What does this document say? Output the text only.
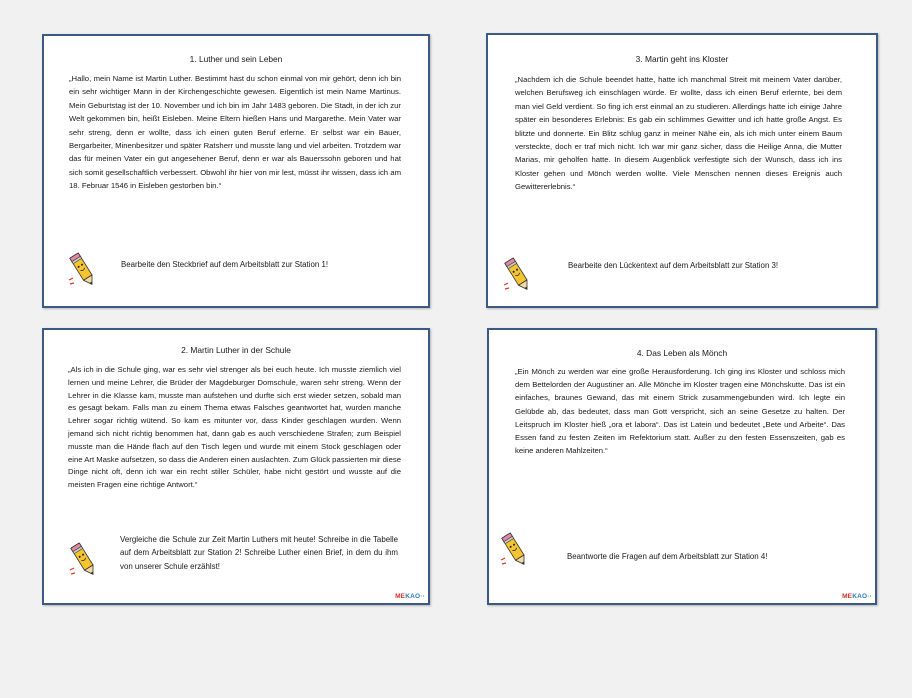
1. Luther und sein Leben
„Hallo, mein Name ist Martin Luther. Bestimmt hast du schon einmal von mir gehört, denn ich bin ein sehr wichtiger Mann in der Kirchengeschichte gewesen. Eigentlich ist mein Name Martinus. Mein Geburtstag ist der 10. November und ich bin im Jahr 1483 geboren. Die Stadt, in der ich zur Welt gekommen bin, heißt Eisleben. Meine Eltern hießen Hans und Margarethe. Mein Vater war sehr streng, denn er wollte, dass ich einen guten Beruf erlerne. Er selbst war ein Bauer, Bergarbeiter, Minenbesitzer und später Ratsherr und musste lang und viel arbeiten. Trotzdem war das für meinen Vater ein gut angesehener Beruf, denn er war als Bauerssohn geboren und hat sich somit gesellschaftlich verbessert. Obwohl ihr hier von mir lest, müsst ihr wissen, dass ich am 18. Februar 1546 in Eisleben gestorben bin.“
Bearbeite den Steckbrief auf dem Arbeitsblatt zur Station 1!
3. Martin geht ins Kloster
„Nachdem ich die Schule beendet hatte, hatte ich manchmal Streit mit meinem Vater darüber, welchen Berufsweg ich einschlagen würde. Er wollte, dass ich einen Beruf erlernte, bei dem man viel Geld verdient. So fing ich erst einmal an zu studieren. Allerdings hatte ich einige Jahre später ein besonderes Erlebnis: Es gab ein schlimmes Gewitter und ich hatte große Angst. Es blitzte und donnerte. Ein Blitz schlug ganz in meiner Nähe ein, als ich mich unter einem Baum versteckte, doch er traf mich nicht. Ich war mir ganz sicher, dass die Heilige Anna, die Mutter Marias, mir geholfen hatte. In diesem Augenblick verfestigte sich der Wunsch, dass ich ins Kloster gehen und Mönch werden wollte. Viele Menschen nennen dieses Ereignis auch Gewittererlebnis.“
Bearbeite den Lückentext auf dem Arbeitsblatt zur Station 3!
2. Martin Luther in der Schule
„Als ich in die Schule ging, war es sehr viel strenger als bei euch heute. Ich musste ziemlich viel lernen und meine Lehrer, die Brüder der Magdeburger Domschule, waren sehr streng. Wenn der Lehrer in die Klasse kam, musste man aufstehen und durfte sich erst wieder setzen, sobald man es gesagt bekam. Falls man zu einem Thema etwas Falsches geantwortet hat, wurden manche Lehrer sogar richtig wütend. So kam es mitunter vor, dass Kinder geschlagen wurden. Wenn jemand sich nicht richtig benommen hat, dann gab es auch verschiedene Strafen; zum Beispiel musste man die Hände flach auf den Tisch legen und wurde mit einem Stock geschlagen oder eine Art Maske aufsetzen, so dass die Anderen einen auslachten. Zum Glück passierten mir diese Dinge nicht oft, denn ich war ein recht stiller Schüler, habe nicht gestört und wusste auf die meisten Fragen eine richtige Antwort.“
Vergleiche die Schule zur Zeit Martin Luthers mit heute! Schreibe in die Tabelle auf dem Arbeitsblatt zur Station 2! Schreibe Luther einen Brief, in dem du ihm von unserer Schule erzählst!
MEKAO··
4. Das Leben als Mönch
„Ein Mönch zu werden war eine große Herausforderung. Ich ging ins Kloster und schloss mich dem Bettelorden der Augustiner an. Alle Mönche im Kloster tragen eine Mönchskutte. Das ist ein einfaches, braunes Gewand, das mit einem Strick zusammengebunden wird. Ich legte ein Gelübde ab, das bedeutet, dass man Gott verspricht, sich an seine Gesetze zu halten. Der Leitspruch im Kloster hieß „ora et labora“. Das ist Latein und bedeutet „Bete und Arbeite“. Das Essen fand zu festen Zeiten im Refektorium statt. Außer zu den festen Essenszeiten, gab es keine anderen Mahlzeiten.“
Beantworte die Fragen auf dem Arbeitsblatt zur Station 4!
MEKAO··
